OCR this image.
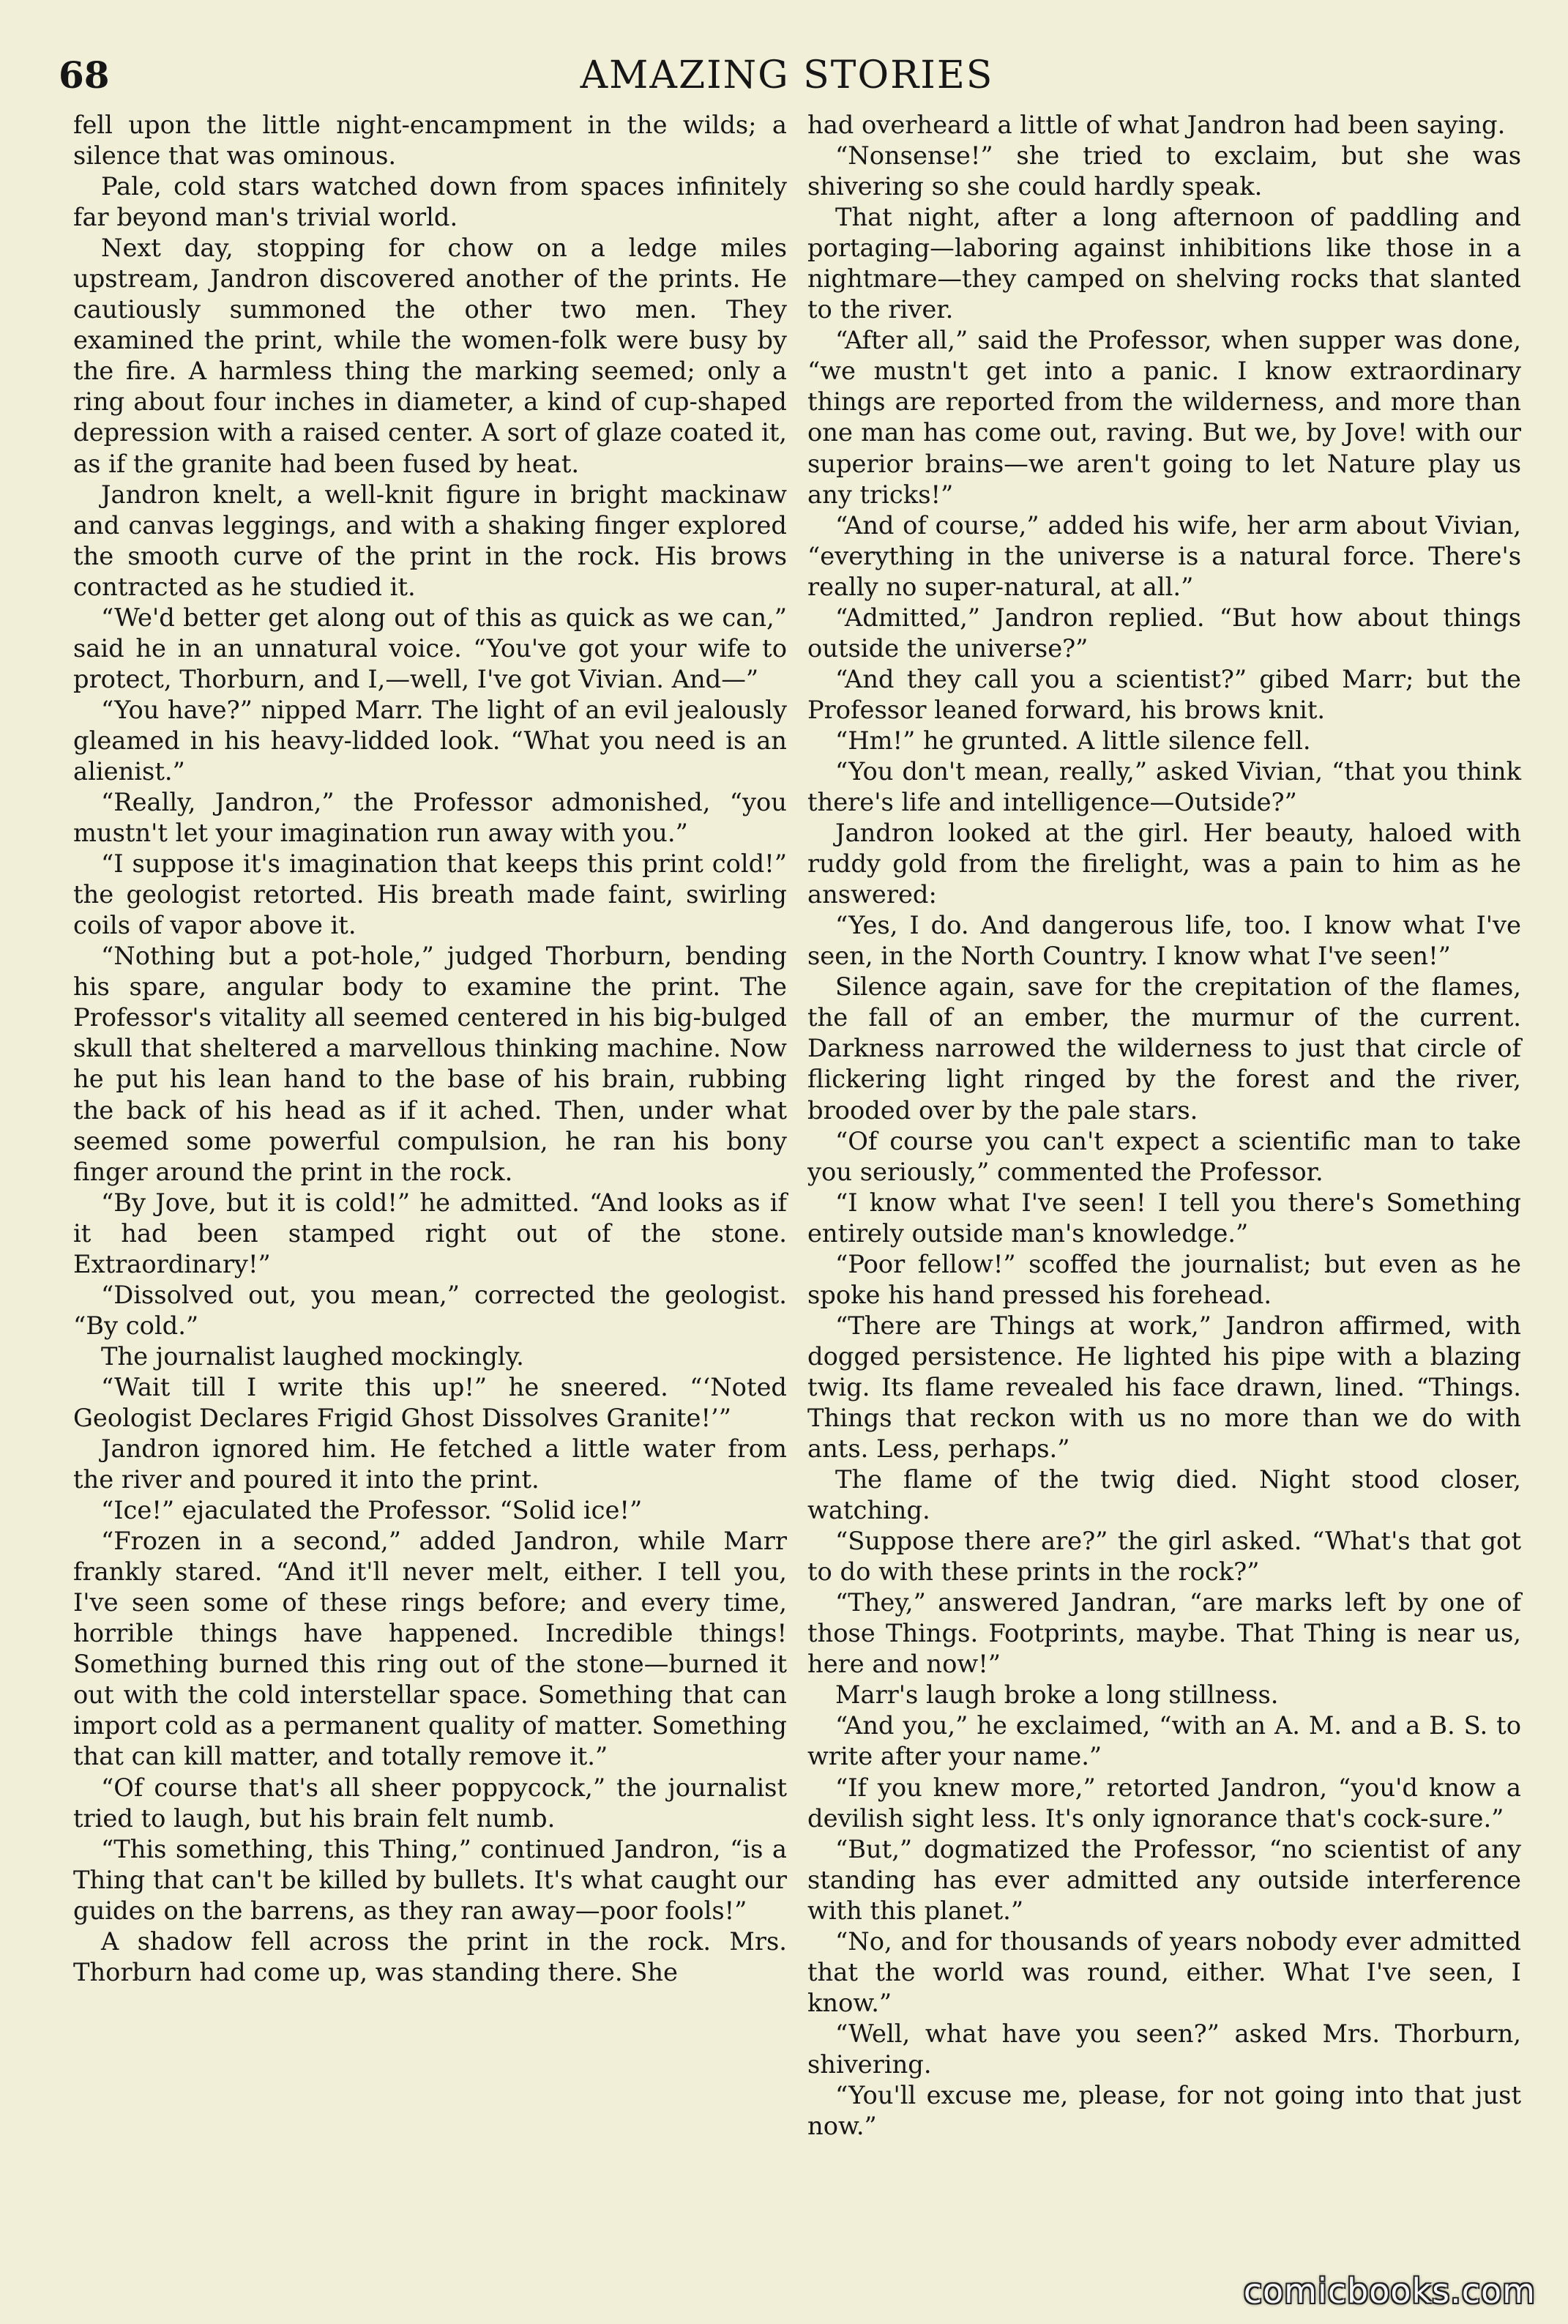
68	AMAZING STORIES

fell upon the little night-encampment in the wilds; a silence that was ominous.

Pale, cold stars watched down from spaces infinitely far beyond man's trivial world.

Next day, stopping for chow on a ledge miles upstream, Jandron discovered another of the prints. He cautiously summoned the other two men. They examined the print, while the women-folk were busy by the fire. A harmless thing the marking seemed; only a ring about four inches in diameter, a kind of cup-shaped depression with a raised center. A sort of glaze coated it, as if the granite had been fused by heat.

Jandron knelt, a well-knit figure in bright mackinaw and canvas leggings, and with a shaking finger explored the smooth curve of the print in the rock. His brows contracted as he studied it.

“We'd better get along out of this as quick as we can,” said he in an unnatural voice. “You've got your wife to protect, Thorburn, and I,—well, I've got Vivian. And—”

“You have?” nipped Marr. The light of an evil jealously gleamed in his heavy-lidded look. “What you need is an alienist.”

“Really, Jandron,” the Professor admonished, “you mustn't let your imagination run away with you.”

“I suppose it's imagination that keeps this print cold!” the geologist retorted. His breath made faint, swirling coils of vapor above it.

“Nothing but a pot-hole,” judged Thorburn, bending his spare, angular body to examine the print. The Professor's vitality all seemed centered in his big-bulged skull that sheltered a marvellous thinking machine. Now he put his lean hand to the base of his brain, rubbing the back of his head as if it ached. Then, under what seemed some powerful compulsion, he ran his bony finger around the print in the rock.

“By Jove, but it is cold!” he admitted. “And looks as if it had been stamped right out of the stone. Extraordinary!”

“Dissolved out, you mean,” corrected the geologist. “By cold.”

The journalist laughed mockingly.

“Wait till I write this up!” he sneered. “‘Noted Geologist Declares Frigid Ghost Dissolves Granite!’”

Jandron ignored him. He fetched a little water from the river and poured it into the print.

“Ice!” ejaculated the Professor. “Solid ice!”

“Frozen in a second,” added Jandron, while Marr frankly stared. “And it'll never melt, either. I tell you, I've seen some of these rings before; and every time, horrible things have happened. Incredible things! Something burned this ring out of the stone—burned it out with the cold interstellar space. Something that can import cold as a permanent quality of matter. Something that can kill matter, and totally remove it.”

“Of course that's all sheer poppycock,” the journalist tried to laugh, but his brain felt numb.

“This something, this Thing,” continued Jandron, “is a Thing that can't be killed by bullets. It's what caught our guides on the barrens, as they ran away—poor fools!”

A shadow fell across the print in the rock. Mrs. Thorburn had come up, was standing there. She

had overheard a little of what Jandron had been saying.

“Nonsense!” she tried to exclaim, but she was shivering so she could hardly speak.

That night, after a long afternoon of paddling and portaging—laboring against inhibitions like those in a nightmare—they camped on shelving rocks that slanted to the river.

“After all,” said the Professor, when supper was done, “we mustn't get into a panic. I know extraordinary things are reported from the wilderness, and more than one man has come out, raving. But we, by Jove! with our superior brains—we aren't going to let Nature play us any tricks!”

“And of course,” added his wife, her arm about Vivian, “everything in the universe is a natural force. There's really no super-natural, at all.”

“Admitted,” Jandron replied. “But how about things outside the universe?”

“And they call you a scientist?” gibed Marr; but the Professor leaned forward, his brows knit.

“Hm!” he grunted. A little silence fell.

“You don't mean, really,” asked Vivian, “that you think there's life and intelligence—Outside?”

Jandron looked at the girl. Her beauty, haloed with ruddy gold from the firelight, was a pain to him as he answered:

“Yes, I do. And dangerous life, too. I know what I've seen, in the North Country. I know what I've seen!”

Silence again, save for the crepitation of the flames, the fall of an ember, the murmur of the current. Darkness narrowed the wilderness to just that circle of flickering light ringed by the forest and the river, brooded over by the pale stars.

“Of course you can't expect a scientific man to take you seriously,” commented the Professor.

“I know what I've seen! I tell you there's Something entirely outside man's knowledge.”

“Poor fellow!” scoffed the journalist; but even as he spoke his hand pressed his forehead.

“There are Things at work,” Jandron affirmed, with dogged persistence. He lighted his pipe with a blazing twig. Its flame revealed his face drawn, lined. “Things. Things that reckon with us no more than we do with ants. Less, perhaps.”

The flame of the twig died. Night stood closer, watching.

“Suppose there are?” the girl asked. “What's that got to do with these prints in the rock?”

“They,” answered Jandran, “are marks left by one of those Things. Footprints, maybe. That Thing is near us, here and now!”

Marr's laugh broke a long stillness.

“And you,” he exclaimed, “with an A. M. and a B. S. to write after your name.”

“If you knew more,” retorted Jandron, “you'd know a devilish sight less. It's only ignorance that's cock-sure.”

“But,” dogmatized the Professor, “no scientist of any standing has ever admitted any outside interference with this planet.”

“No, and for thousands of years nobody ever admitted that the world was round, either. What I've seen, I know.”

“Well, what have you seen?” asked Mrs. Thorburn, shivering.

“You'll excuse me, please, for not going into that just now.”

comicbooks.com
